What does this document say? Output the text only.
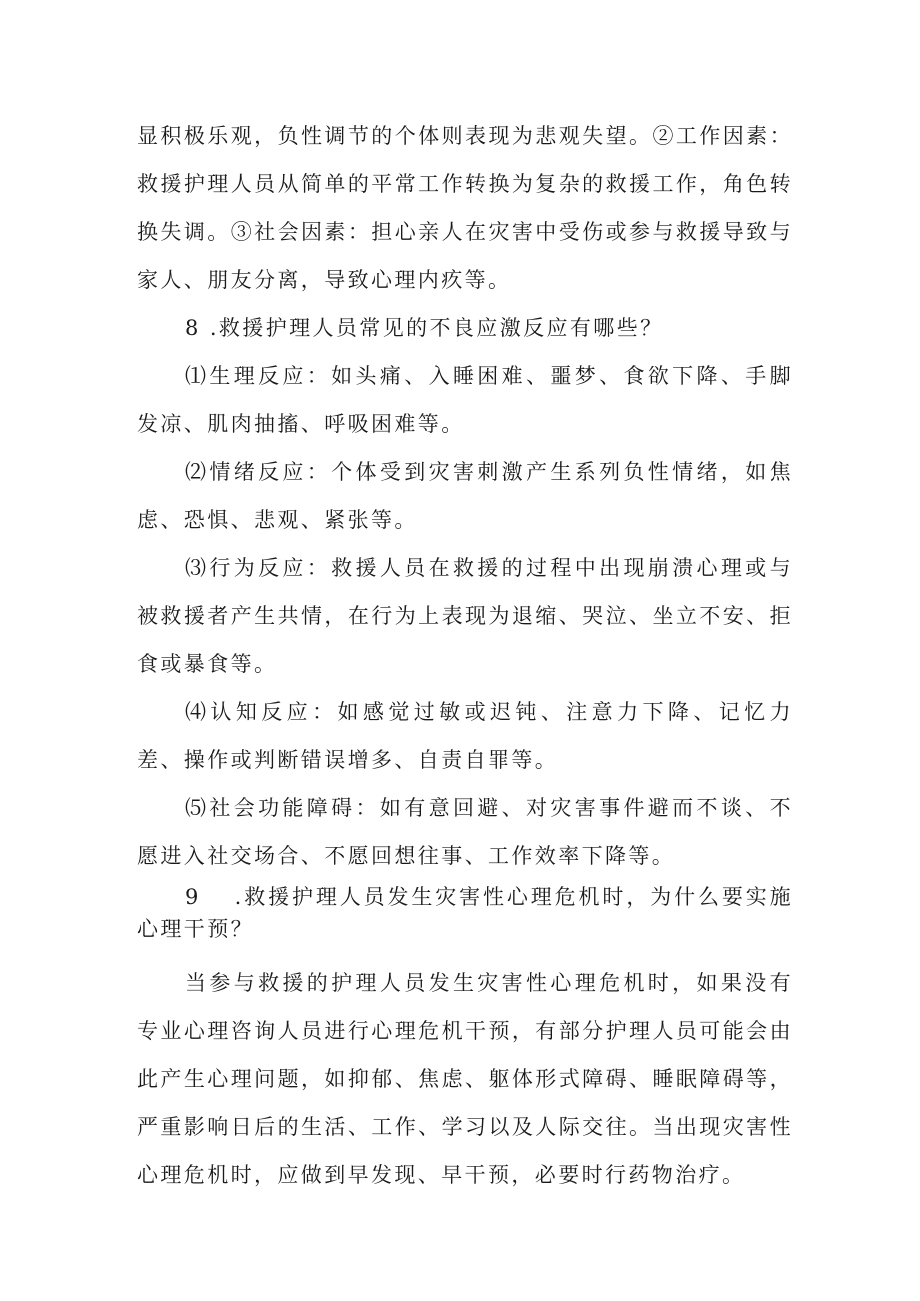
显积极乐观，负性调节的个体则表现为悲观失望。②工作因素：救援护理人员从简单的平常工作转换为复杂的救援工作，角色转换失调。③社会因素：担心亲人在灾害中受伤或参与救援导致与家人、朋友分离，导致心理内疚等。

8 .救援护理人员常见的不良应激反应有哪些？

⑴生理反应：如头痛、入睡困难、噩梦、食欲下降、手脚发凉、肌肉抽搐、呼吸困难等。

⑵情绪反应：个体受到灾害刺激产生系列负性情绪，如焦虑、恐惧、悲观、紧张等。

⑶行为反应：救援人员在救援的过程中出现崩溃心理或与被救援者产生共情，在行为上表现为退缩、哭泣、坐立不安、拒食或暴食等。

⑷认知反应：如感觉过敏或迟钝、注意力下降、记忆力差、操作或判断错误增多、自责自罪等。

⑸社会功能障碍：如有意回避、对灾害事件避而不谈、不愿进入社交场合、不愿回想往事、工作效率下降等。

9　 .救援护理人员发生灾害性心理危机时，为什么要实施心理干预？

当参与救援的护理人员发生灾害性心理危机时，如果没有专业心理咨询人员进行心理危机干预，有部分护理人员可能会由此产生心理问题，如抑郁、焦虑、躯体形式障碍、睡眠障碍等，严重影响日后的生活、工作、学习以及人际交往。当出现灾害性心理危机时，应做到早发现、早干预，必要时行药物治疗。
